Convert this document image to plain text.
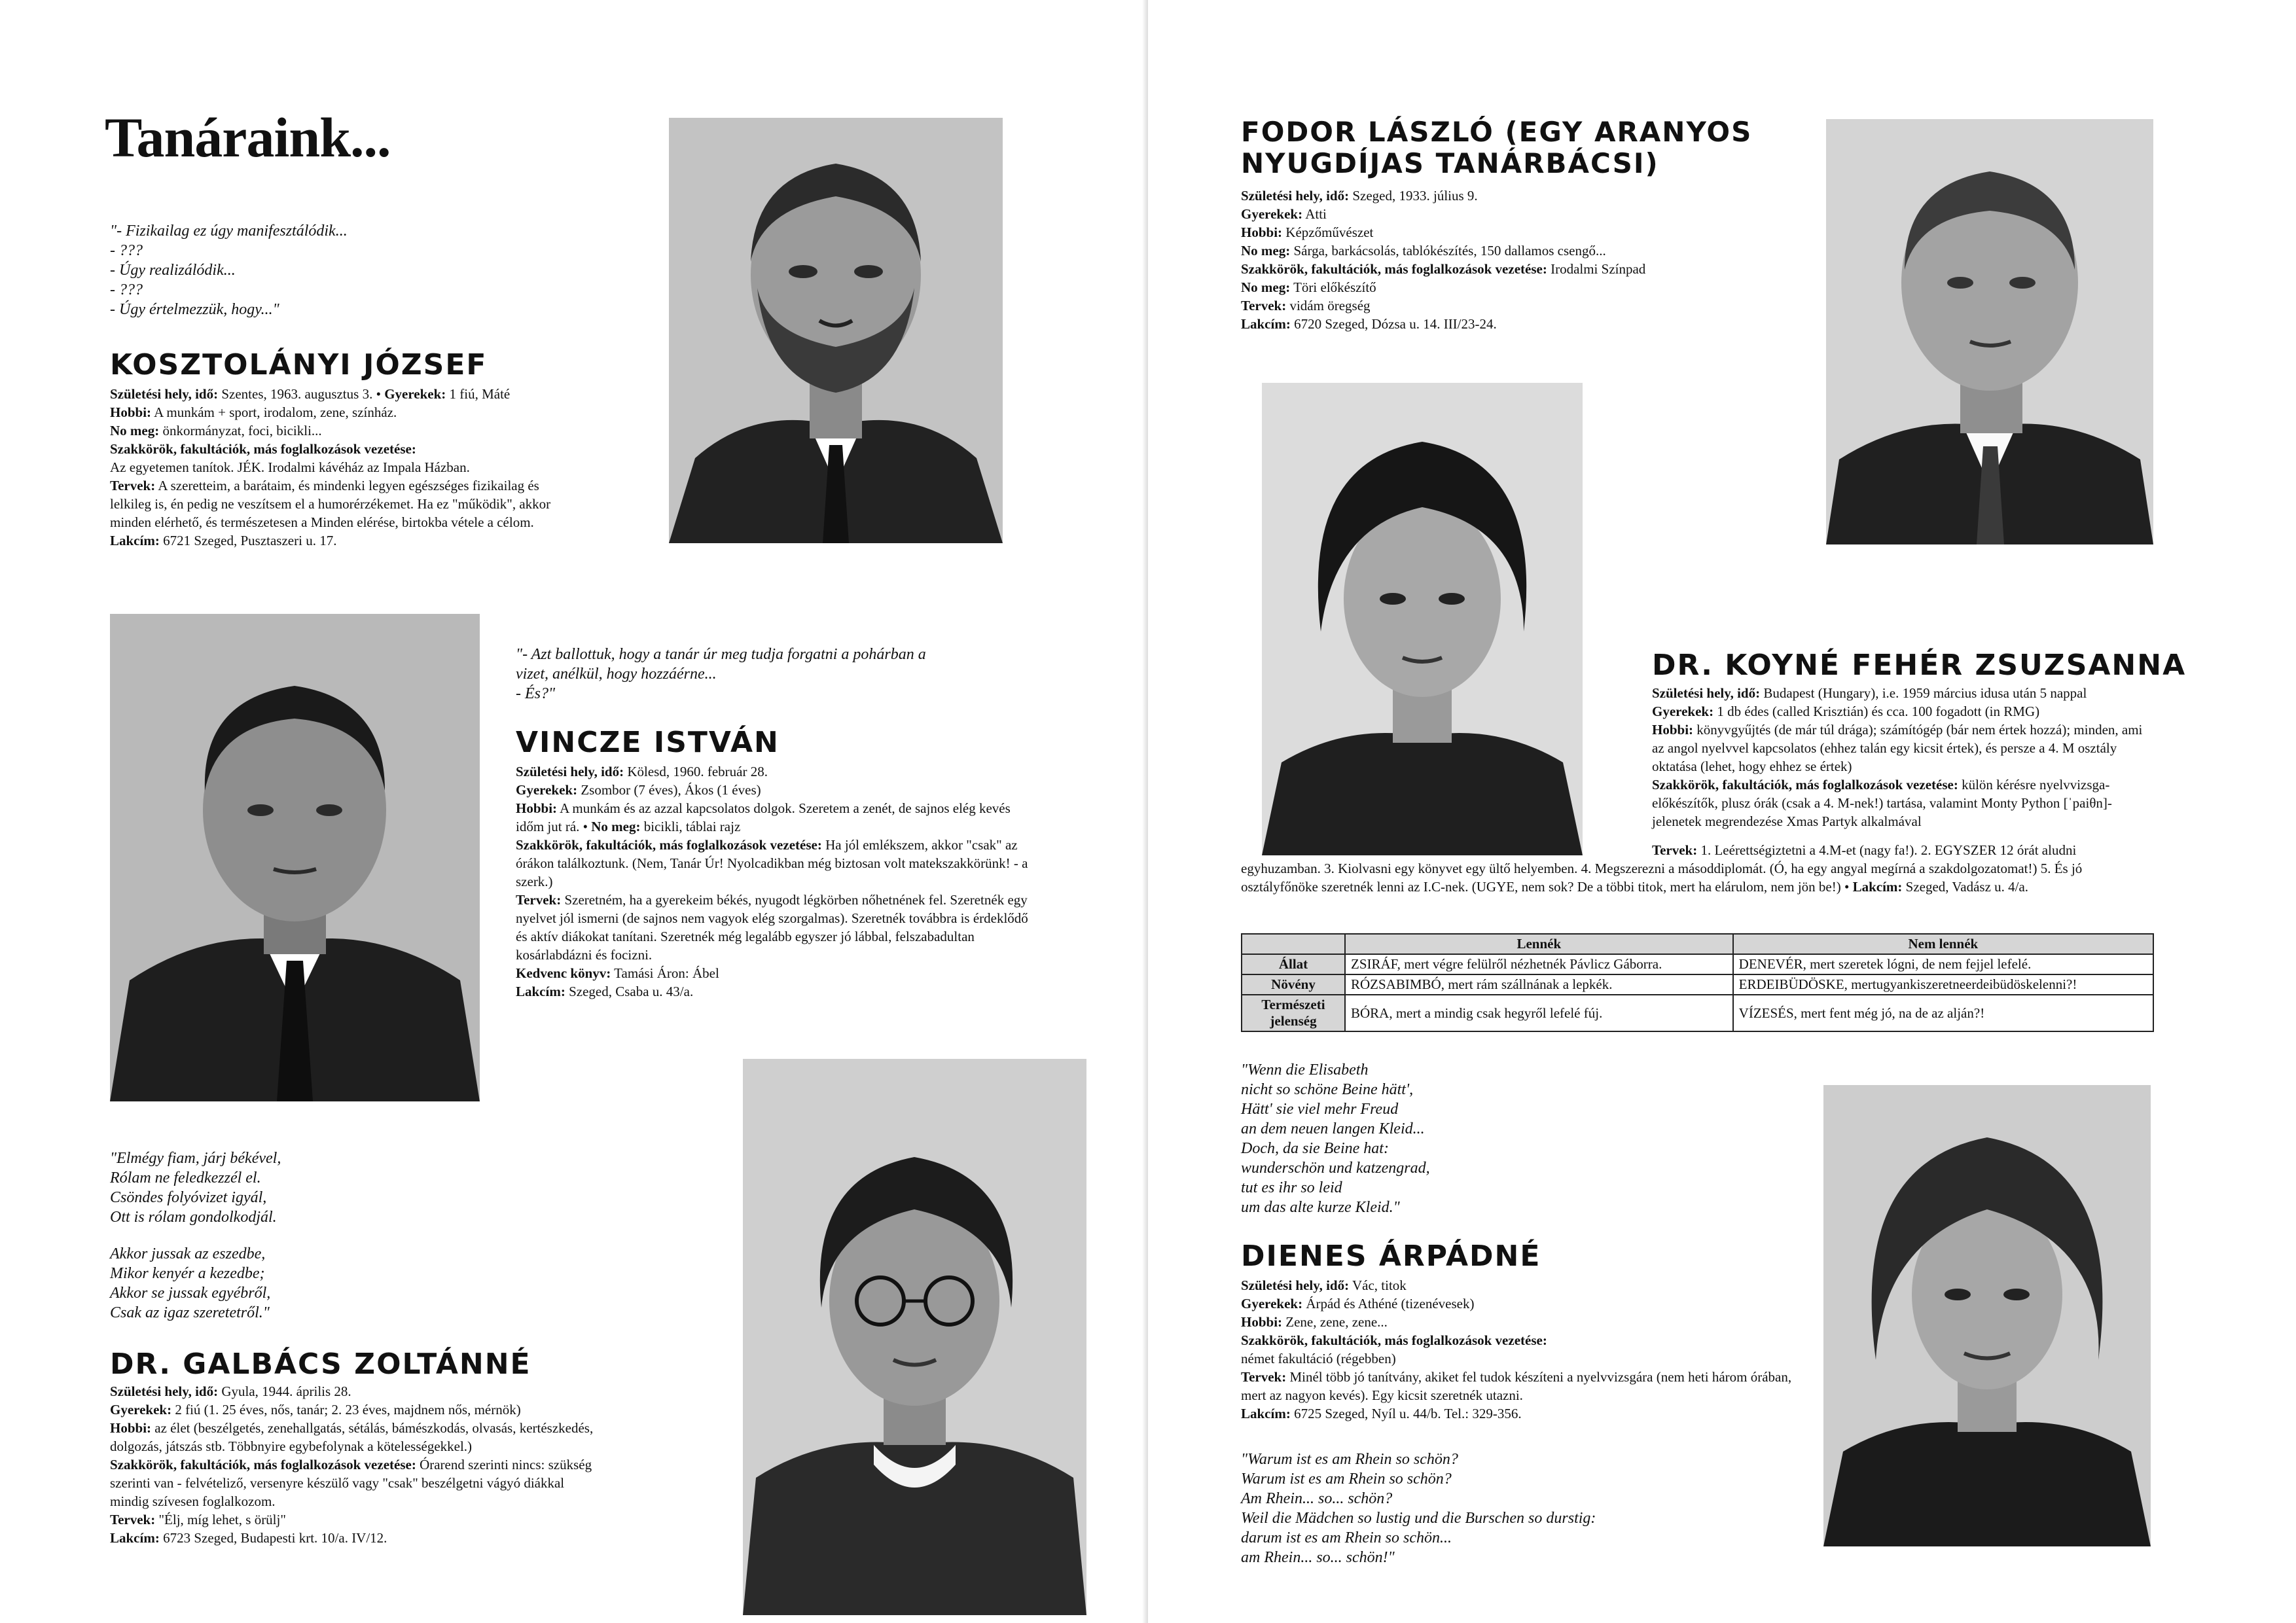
Tanáraink...

"- Fizikailag ez úgy manifesztálódik...

- ???

- Úgy realizálódik...

- ???

- Úgy értelmezzük, hogy..."

KOSZTOLÁNYI JÓZSEF

Születési hely, idő: Szentes, 1963. augusztus 3. • Gyerekek: 1 fiú, Máté

Hobbi: A munkám + sport, irodalom, zene, színház.

No meg: önkormányzat, foci, bicikli...

Szakkörök, fakultációk, más foglalkozások vezetése:

Az egyetemen tanítok. JÉK. Irodalmi kávéház az Impala Házban.

Tervek: A szeretteim, a barátaim, és mindenki legyen egészséges fizikailag és lelkileg is, én pedig ne veszítsem el a humorérzékemet. Ha ez "működik", akkor minden elérhető, és természetesen a Minden elérése, birtokba vétele a célom.

Lakcím: 6721 Szeged, Pusztaszeri u. 17.

"- Azt ballottuk, hogy a tanár úr meg tudja forgatni a pohárban a

vizet, anélkül, hogy hozzáérne...

- És?"

VINCZE ISTVÁN

Születési hely, idő: Kölesd, 1960. február 28.

Gyerekek: Zsombor (7 éves), Ákos (1 éves)

Hobbi: A munkám és az azzal kapcsolatos dolgok. Szeretem a zenét, de sajnos elég kevés időm jut rá. • No meg: bicikli, táblai rajz

Szakkörök, fakultációk, más foglalkozások vezetése: Ha jól emlékszem, akkor "csak" az órákon találkoztunk. (Nem, Tanár Úr! Nyolcadikban még biztosan volt matekszakkörünk! - a szerk.)

Tervek: Szeretném, ha a gyerekeim békés, nyugodt légkörben nőhetnének fel. Szeretnék egy nyelvet jól ismerni (de sajnos nem vagyok elég szorgalmas). Szeretnék továbbra is érdeklődő és aktív diákokat tanítani. Szeretnék még legalább egyszer jó lábbal, felszabadultan kosárlabdázni és focizni.

Kedvenc könyv: Tamási Áron: Ábel

Lakcím: Szeged, Csaba u. 43/a.

"Elmégy fiam, járj békével,

Rólam ne feledkezzél el.

Csöndes folyóvizet igyál,

Ott is rólam gondolkodjál.

Akkor jussak az eszedbe,

Mikor kenyér a kezedbe;

Akkor se jussak egyébről,

Csak az igaz szeretetről."

DR. GALBÁCS ZOLTÁNNÉ

Születési hely, idő: Gyula, 1944. április 28.

Gyerekek: 2 fiú (1. 25 éves, nős, tanár; 2. 23 éves, majdnem nős, mérnök)

Hobbi: az élet (beszélgetés, zenehallgatás, sétálás, bámészkodás, olvasás, kertészkedés, dolgozás, játszás stb. Többnyire egybefolynak a kötelességekkel.)

Szakkörök, fakultációk, más foglalkozások vezetése: Órarend szerinti nincs: szükség szerinti van - felvételiző, versenyre készülő vagy "csak" beszélgetni vágyó diákkal mindig szívesen foglalkozom.

Tervek: "Élj, míg lehet, s örülj"

Lakcím: 6723 Szeged, Budapesti krt. 10/a. IV/12.

FODOR LÁSZLÓ (EGY ARANYOS
NYUGDÍJAS TANÁRBÁCSI)

Születési hely, idő: Szeged, 1933. július 9.

Gyerekek: Atti

Hobbi: Képzőművészet

No meg: Sárga, barkácsolás, tablókészítés, 150 dallamos csengő...

Szakkörök, fakultációk, más foglalkozások vezetése: Irodalmi Színpad

No meg: Töri előkészítő

Tervek: vidám öregség

Lakcím: 6720 Szeged, Dózsa u. 14. III/23-24.

DR. KOYNÉ FEHÉR ZSUZSANNA

Születési hely, idő: Budapest (Hungary), i.e. 1959 március idusa után 5 nappal

Gyerekek: 1 db édes (called Krisztián) és cca. 100 fogadott (in RMG)

Hobbi: könyvgyűjtés (de már túl drága); számítógép (bár nem értek hozzá); minden, ami az angol nyelvvel kapcsolatos (ehhez talán egy kicsit értek), és persze a 4. M osztály oktatása (lehet, hogy ehhez se értek)

Szakkörök, fakultációk, más foglalkozások vezetése: külön kérésre nyelvvizsga-előkészítők, plusz órák (csak a 4. M-nek!) tartása, valamint Monty Python [ˈpaiθn]-jelenetek megrendezése Xmas Partyk alkalmával

Tervek: 1. Leérettségiztetni a 4.M-et (nagy fa!). 2. EGYSZER 12 órát aludni egyhuzamban. 3. Kiolvasni egy könyvet egy ültő helyemben. 4. Megszerezni a másoddiplomát. (Ó, ha egy angyal megírná a szakdolgozatomat!) 5. És jó osztályfőnöke szeretnék lenni az I.C-nek. (UGYE, nem sok? De a többi titok, mert ha elárulom, nem jön be!) • Lakcím: Szeged, Vadász u. 4/a.

	Lennék	Nem lennék
Állat	ZSIRÁF, mert végre felülről nézhetnék Pávlicz Gáborra.	DENEVÉR, mert szeretek lógni, de nem fejjel lefelé.
Növény	RÓZSABIMBÓ, mert rám szállnának a lepkék.	ERDEIBÜDÖSKE, mertugyankiszeretneerdeibüdöskelenni?!
Természeti jelenség	BÓRA, mert a mindig csak hegyről lefelé fúj.	VÍZESÉS, mert fent még jó, na de az alján?!

"Wenn die Elisabeth

nicht so schöne Beine hätt',

Hätt' sie viel mehr Freud

an dem neuen langen Kleid...

Doch, da sie Beine hat:

wunderschön und katzengrad,

tut es ihr so leid

um das alte kurze Kleid."

DIENES ÁRPÁDNÉ

Születési hely, idő: Vác, titok

Gyerekek: Árpád és Athéné (tizenévesek)

Hobbi: Zene, zene, zene...

Szakkörök, fakultációk, más foglalkozások vezetése:

német fakultáció (régebben)

Tervek: Minél több jó tanítvány, akiket fel tudok készíteni a nyelvvizsgára (nem heti három órában, mert az nagyon kevés). Egy kicsit szeretnék utazni.

Lakcím: 6725 Szeged, Nyíl u. 44/b. Tel.: 329-356.

"Warum ist es am Rhein so schön?

Warum ist es am Rhein so schön?

Am Rhein... so... schön?

Weil die Mädchen so lustig und die Burschen so durstig:

darum ist es am Rhein so schön...

am Rhein... so... schön!"
